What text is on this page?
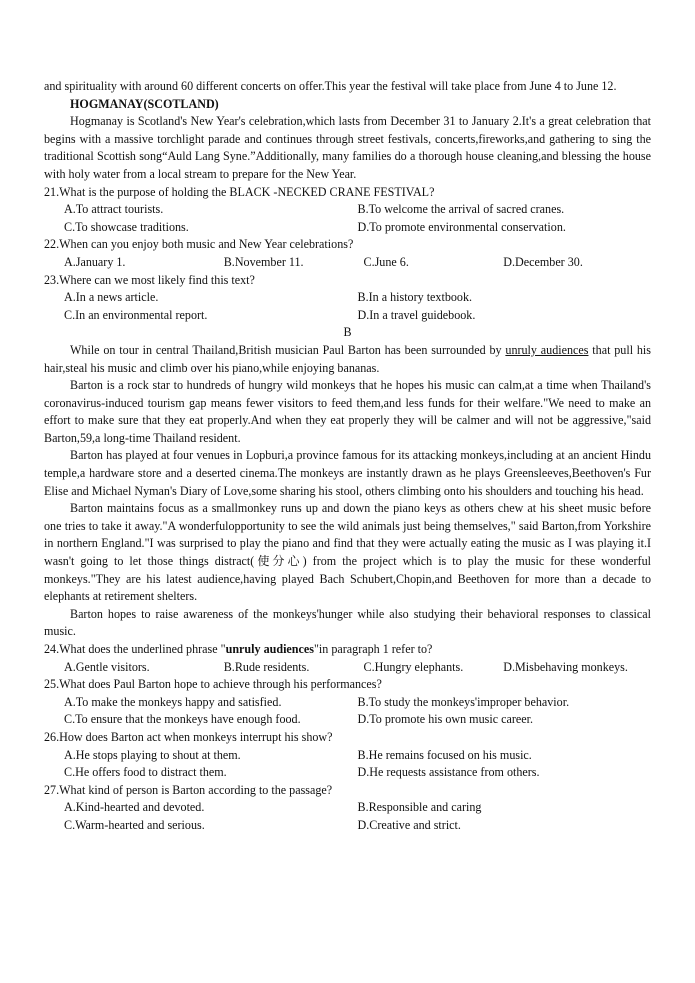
and spirituality with around 60 different concerts on offer.This year the festival will take place from June 4 to June 12.

HOGMANAY(SCOTLAND)

Hogmanay is Scotland's New Year's celebration,which lasts from December 31 to January 2.It's a great celebration that begins with a massive torchlight parade and continues through street festivals, concerts,fireworks,and gathering to sing the traditional Scottish song“Auld Lang Syne.”Additionally, many families do a thorough house cleaning,and blessing the house with holy water from a local stream to prepare for the New Year.

21.What is the purpose of holding the BLACK -NECKED CRANE FESTIVAL?

A.To attract tourists.	B.To welcome the arrival of sacred cranes.
C.To showcase traditions.	D.To promote environmental conservation.

22.When can you enjoy both music and New Year celebrations?

A.January 1.	B.November 11.	C.June 6.	D.December 30.

23.Where can we most likely find this text?

A.In a news article.	B.In a history textbook.
C.In an environmental report.	D.In a travel guidebook.

B

While on tour in central Thailand,British musician Paul Barton has been surrounded by unruly audiences that pull his hair,steal his music and climb over his piano,while enjoying bananas.

Barton is a rock star to hundreds of hungry wild monkeys that he hopes his music can calm,at a time when Thailand's coronavirus-induced tourism gap means fewer visitors to feed them,and less funds for their welfare."We need to make an effort to make sure that they eat properly.And when they eat properly they will be calmer and will not be aggressive,"said Barton,59,a long-time Thailand resident.

Barton has played at four venues in Lopburi,a province famous for its attacking monkeys,including at an ancient Hindu temple,a hardware store and a deserted cinema.The monkeys are instantly drawn as he plays Greensleeves,Beethoven's Fur Elise and Michael Nyman's Diary of Love,some sharing his stool, others climbing onto his shoulders and touching his head.

Barton maintains focus as a smallmonkey runs up and down the piano keys as others chew at his sheet music before one tries to take it away."A wonderfulopportunity to see the wild animals just being themselves," said Barton,from Yorkshire in northern England."I was surprised to play the piano and find that they were actually eating the music as I was playing it.I wasn't going to let those things distract(使分心) from the project which is to play the music for these wonderful monkeys."They are his latest audience,having played Bach Schubert,Chopin,and Beethoven for more than a decade to elephants at retirement shelters.

Barton hopes to raise awareness of the monkeys'hunger while also studying their behavioral responses to classical music.

24.What does the underlined phrase "unruly audiences"in paragraph 1 refer to?

A.Gentle visitors.	B.Rude residents.	C.Hungry elephants.	D.Misbehaving monkeys.

25.What does Paul Barton hope to achieve through his performances?

A.To make the monkeys happy and satisfied.	B.To study the monkeys'improper behavior.
C.To ensure that the monkeys have enough food.	D.To promote his own music career.

26.How does Barton act when monkeys interrupt his show?

A.He stops playing to shout at them.	B.He remains focused on his music.
C.He offers food to distract them.	D.He requests assistance from others.

27.What kind of person is Barton according to the passage?

A.Kind-hearted and devoted.	B.Responsible and caring
C.Warm-hearted and serious.	D.Creative and strict.
